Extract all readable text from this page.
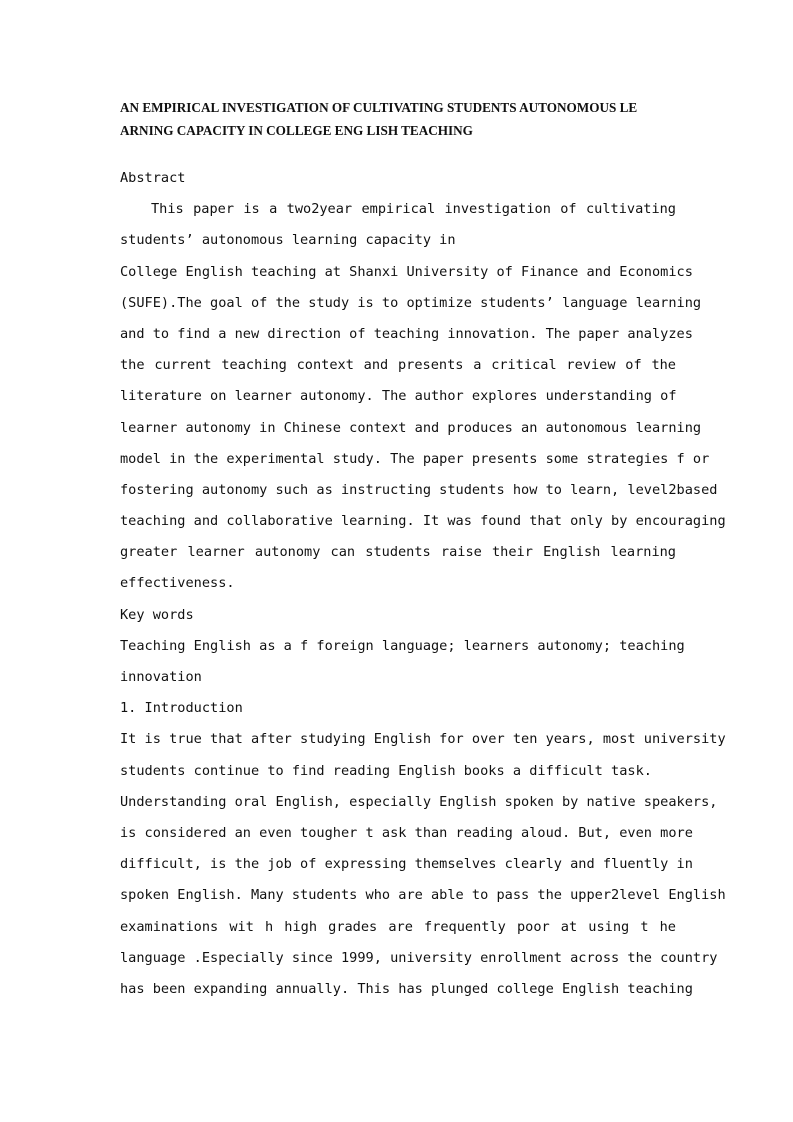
AN EMPIRICAL INVESTIGATION OF CULTIVATING STUDENTS AUTONOMOUS LE
ARNING CAPACITY IN COLLEGE ENG LISH TEACHING
Abstract
This paper is a two2year empirical investigation of cultivating
students’ autonomous learning capacity in
College English teaching at Shanxi University of Finance and Economics
(SUFE).The goal of the study is to optimize students’ language learning
and to find a new direction of teaching innovation. The paper analyzes
the current teaching context and presents a critical review of the
literature on learner autonomy. The author explores understanding of
learner autonomy in Chinese context and produces an autonomous learning
model in the experimental study. The paper presents some strategies f or
fostering autonomy such as instructing students how to learn, level2based
teaching and collaborative learning. It was found that only by encouraging
greater learner autonomy can students raise their English learning
effectiveness.
Key words
Teaching English as a f foreign language; learners autonomy; teaching
innovation
1. Introduction
It is true that after studying English for over ten years, most university
students continue to find reading English books a difficult task.
Understanding oral English, especially English spoken by native speakers,
is considered an even tougher t ask than reading aloud. But, even more
difficult, is the job of expressing themselves clearly and fluently in
spoken English. Many students who are able to pass the upper2level English
examinations wit h high grades are frequently poor at using t he
language .Especially since 1999, university enrollment across the country
has been expanding annually. This has plunged college English teaching
